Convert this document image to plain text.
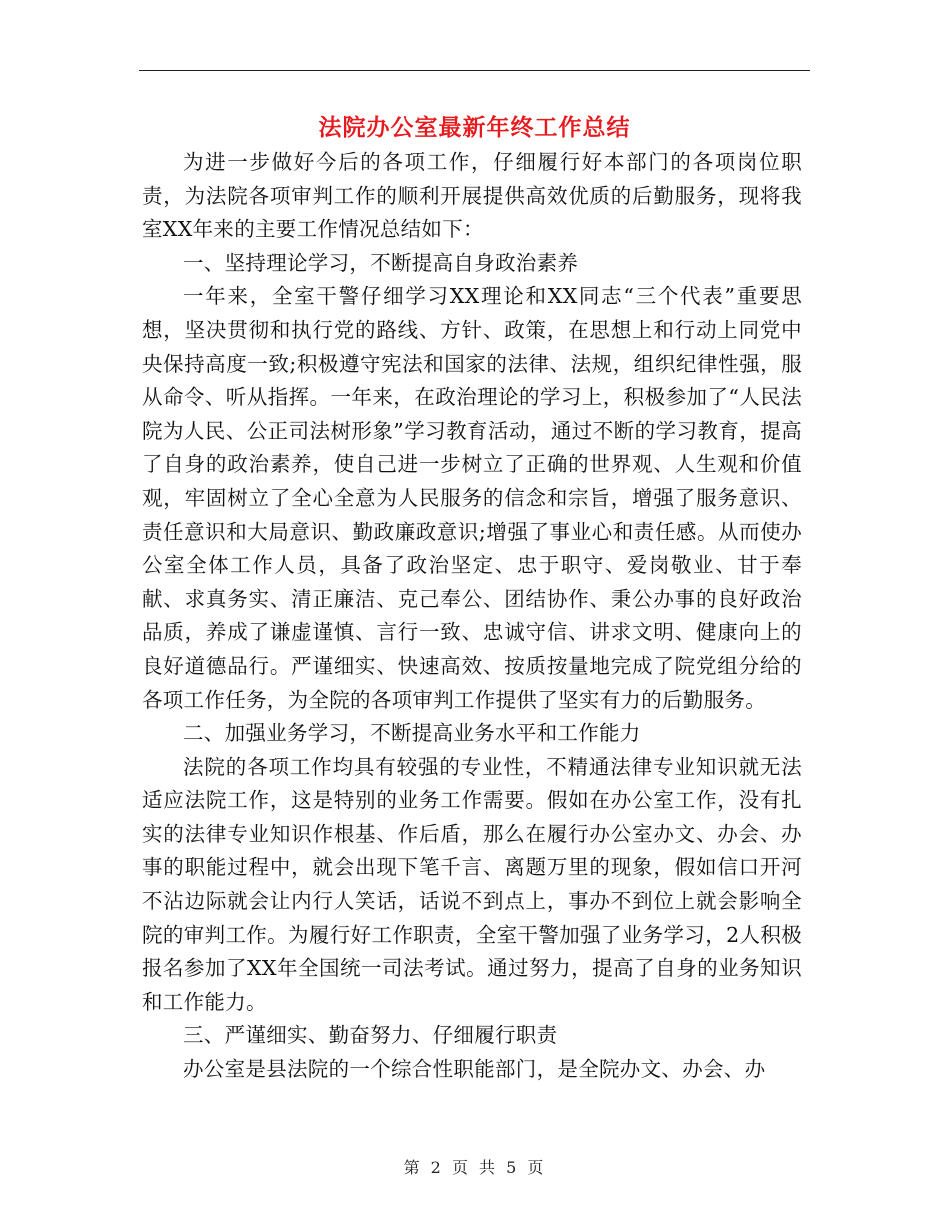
法院办公室最新年终工作总结

为进一步做好今后的各项工作，仔细履行好本部门的各项岗位职责，为法院各项审判工作的顺利开展提供高效优质的后勤服务，现将我室XX年来的主要工作情况总结如下：

一、坚持理论学习，不断提高自身政治素养

一年来，全室干警仔细学习XX理论和XX同志“三个代表”重要思想，坚决贯彻和执行党的路线、方针、政策，在思想上和行动上同党中央保持高度一致;积极遵守宪法和国家的法律、法规，组织纪律性强，服从命令、听从指挥。一年来，在政治理论的学习上，积极参加了“人民法院为人民、公正司法树形象”学习教育活动，通过不断的学习教育，提高了自身的政治素养，使自己进一步树立了正确的世界观、人生观和价值观，牢固树立了全心全意为人民服务的信念和宗旨，增强了服务意识、责任意识和大局意识、勤政廉政意识;增强了事业心和责任感。从而使办公室全体工作人员，具备了政治坚定、忠于职守、爱岗敬业、甘于奉献、求真务实、清正廉洁、克己奉公、团结协作、秉公办事的良好政治品质，养成了谦虚谨慎、言行一致、忠诚守信、讲求文明、健康向上的良好道德品行。严谨细实、快速高效、按质按量地完成了院党组分给的各项工作任务，为全院的各项审判工作提供了坚实有力的后勤服务。

二、加强业务学习，不断提高业务水平和工作能力

法院的各项工作均具有较强的专业性，不精通法律专业知识就无法适应法院工作，这是特别的业务工作需要。假如在办公室工作，没有扎实的法律专业知识作根基、作后盾，那么在履行办公室办文、办会、办事的职能过程中，就会出现下笔千言、离题万里的现象，假如信口开河不沾边际就会让内行人笑话，话说不到点上，事办不到位上就会影响全院的审判工作。为履行好工作职责，全室干警加强了业务学习，2人积极报名参加了XX年全国统一司法考试。通过努力，提高了自身的业务知识和工作能力。

三、严谨细实、勤奋努力、仔细履行职责

办公室是县法院的一个综合性职能部门，是全院办文、办会、办

第 2 页 共 5 页
